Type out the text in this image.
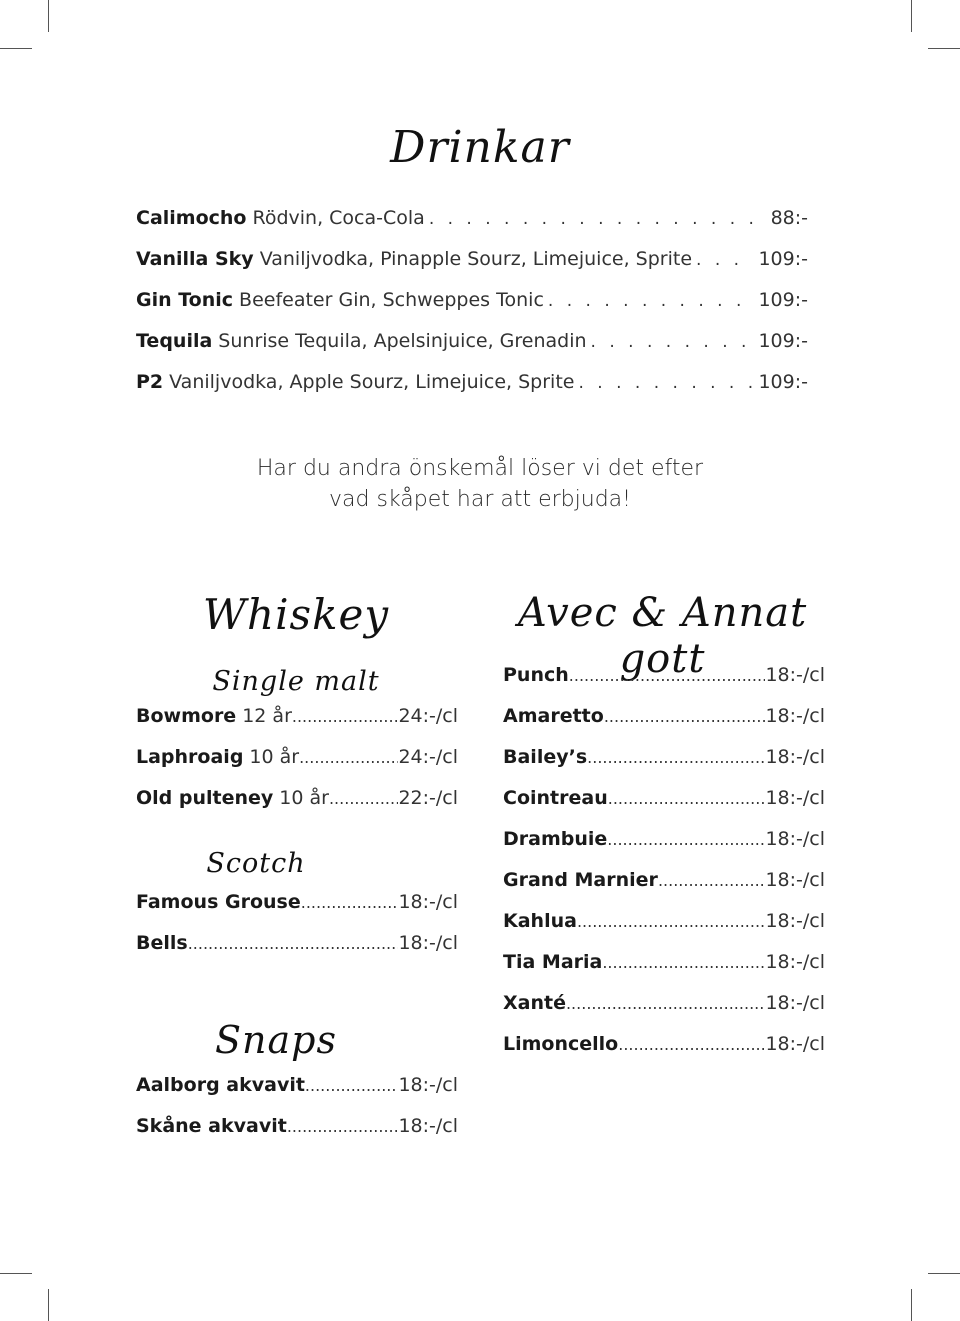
Drinkar
Calimocho Rödvin, Coca-Cola . . .	88:-
Vanilla Sky Vaniljvodka, Pinapple Sourz, Limejuice, Sprite . . .	109:-
Gin Tonic Beefeater Gin, Schweppes Tonic . . .	109:-
Tequila Sunrise Tequila, Apelsinjuice, Grenadin . . .	109:-
P2 Vaniljvodka, Apple Sourz, Limejuice, Sprite . . .	109:-
Har du andra önskemål löser vi det efter
vad skåpet har att erbjuda!
Whiskey
Single malt
Bowmore 12 år .....	24:-/cl
Laphroaig 10 år .....	24:-/cl
Old pulteney 10 år .....	22:-/cl
Scotch
Famous Grouse .....	18:-/cl
Bells .....	18:-/cl
Snaps
Aalborg akvavit .....	18:-/cl
Skåne akvavit .....	18:-/cl
Avec & Annat gott
Punch .....	18:-/cl
Amaretto .....	18:-/cl
Bailey’s .....	18:-/cl
Cointreau .....	18:-/cl
Drambuie .....	18:-/cl
Grand Marnier .....	18:-/cl
Kahlua .....	18:-/cl
Tia Maria .....	18:-/cl
Xanté .....	18:-/cl
Limoncello .....	18:-/cl
